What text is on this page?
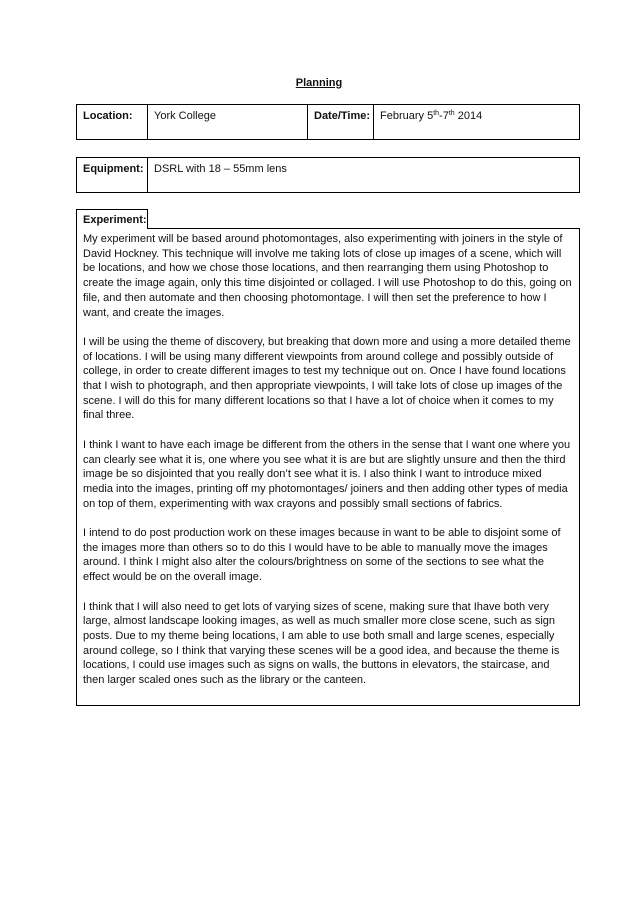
Planning
Location:	York College	Date/Time: February 5th-7th 2014
Equipment: DSRL with 18 – 55mm lens
Experiment:

My experiment will be based around photomontages, also experimenting with joiners in the style of David Hockney. This technique will involve me taking lots of close up images of a scene, which will be locations, and how we chose those locations, and then rearranging them using Photoshop to create the image again, only this time disjointed or collaged. I will use Photoshop to do this, going on file, and then automate and then choosing photomontage. I will then set the preference to how I want, and create the images.

I will be using the theme of discovery, but breaking that down more and using a more detailed theme of locations. I will be using many different viewpoints from around college and possibly outside of college, in order to create different images to test my technique out on. Once I have found locations that I wish to photograph, and then appropriate viewpoints, I will take lots of close up images of the scene. I will do this for many different locations so that I have a lot of choice when it comes to my final three.

I think I want to have each image be different from the others in the sense that I want one where you can clearly see what it is, one where you see what it is are but are slightly unsure and then the third image be so disjointed that you really don’t see what it is. I also think I want to introduce mixed media into the images, printing off my photomontages/ joiners and then adding other types of media on top of them, experimenting with wax crayons and possibly small sections of fabrics.

I intend to do post production work on these images because in want to be able to disjoint some of the images more than others so to do this I would have to be able to manually move the images around. I think I might also alter the colours/brightness on some of the sections to see what the effect would be on the overall image.

I think that I will also need to get lots of varying sizes of scene, making sure that Ihave both very large, almost landscape looking images, as well as much smaller more close scene, such as sign posts. Due to my theme being locations, I am able to use both small and large scenes, especially around college, so I think that varying these scenes will be a good idea, and because the theme is locations, I could use images such as signs on walls, the buttons in elevators, the staircase, and then larger scaled ones such as the library or the canteen.
